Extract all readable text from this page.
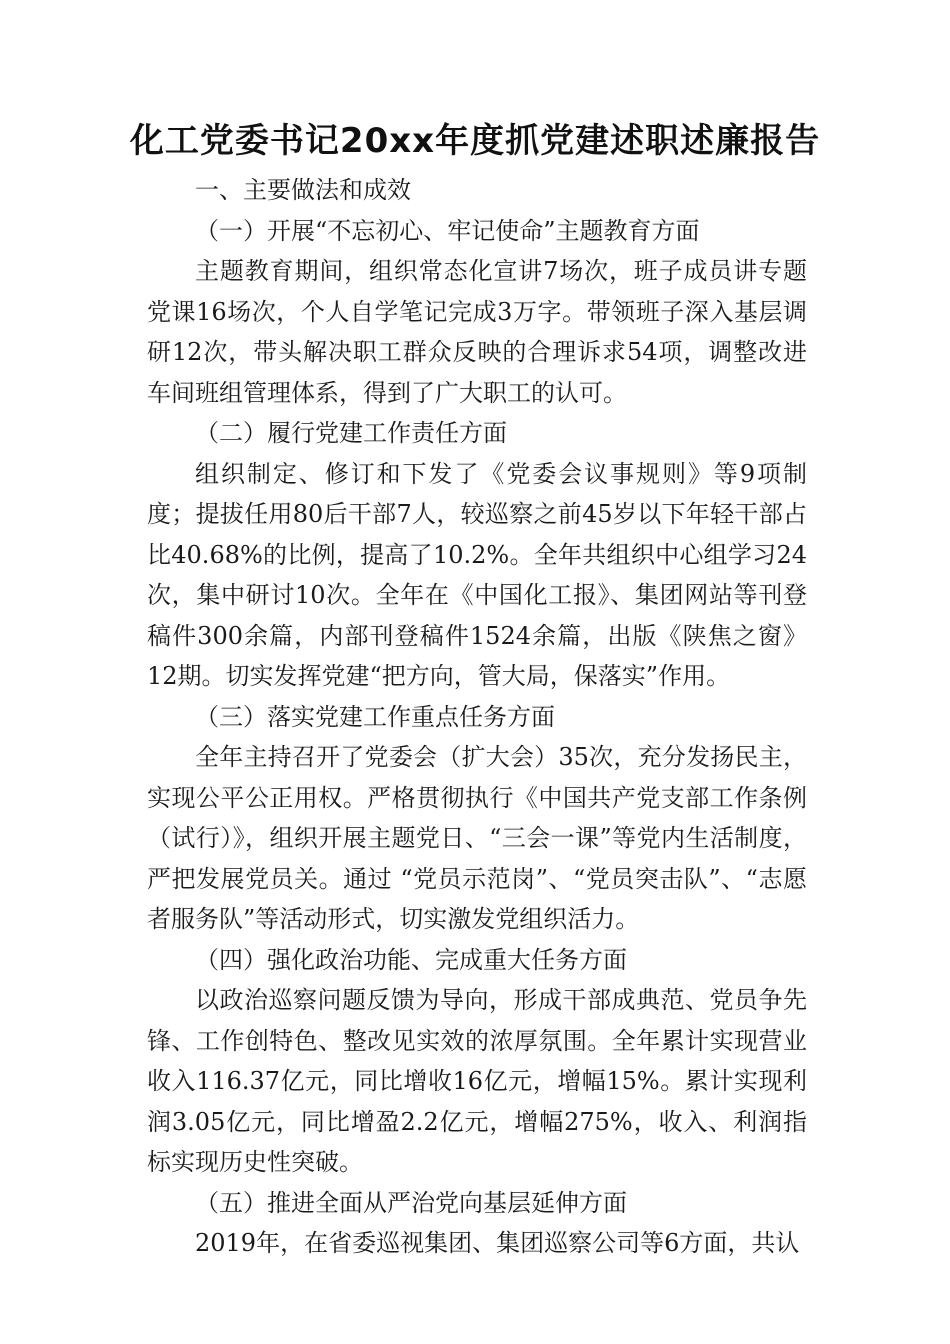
化工党委书记20xx年度抓党建述职述廉报告

一、主要做法和成效

（一）开展“不忘初心、牢记使命”主题教育方面

主题教育期间，组织常态化宣讲7场次，班子成员讲专题党课16场次，个人自学笔记完成3万字。带领班子深入基层调研12次，带头解决职工群众反映的合理诉求54项，调整改进车间班组管理体系，得到了广大职工的认可。

（二）履行党建工作责任方面

组织制定、修订和下发了《党委会议事规则》等9项制度；提拔任用80后干部7人，较巡察之前45岁以下年轻干部占比40.68%的比例，提高了10.2%。全年共组织中心组学习24次，集中研讨10次。全年在《中国化工报》、集团网站等刊登稿件300余篇，内部刊登稿件1524余篇，出版《陕焦之窗》12期。切实发挥党建“把方向，管大局，保落实”作用。

（三）落实党建工作重点任务方面

全年主持召开了党委会（扩大会）35次，充分发扬民主，实现公平公正用权。严格贯彻执行《中国共产党支部工作条例（试行）》，组织开展主题党日、“三会一课”等党内生活制度，严把发展党员关。通过 “党员示范岗”、“党员突击队”、“志愿者服务队”等活动形式，切实激发党组织活力。

（四）强化政治功能、完成重大任务方面

以政治巡察问题反馈为导向，形成干部成典范、党员争先锋、工作创特色、整改见实效的浓厚氛围。全年累计实现营业收入116.37亿元，同比增收16亿元，增幅15%。累计实现利润3.05亿元，同比增盈2.2亿元，增幅275%，收入、利润指标实现历史性突破。

（五）推进全面从严治党向基层延伸方面

2019年，在省委巡视集团、集团巡察公司等6方面，共认
